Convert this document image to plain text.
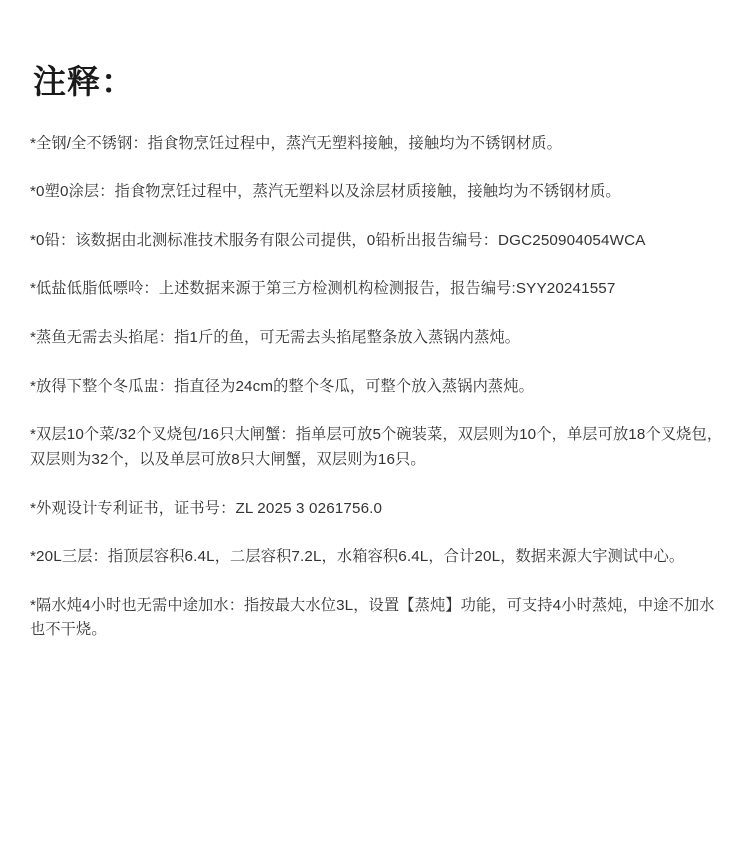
注释：

*全钢/全不锈钢：指食物烹饪过程中，蒸汽无塑料接触，接触均为不锈钢材质。

*0塑0涂层：指食物烹饪过程中，蒸汽无塑料以及涂层材质接触，接触均为不锈钢材质。

*0铅：该数据由北测标准技术服务有限公司提供，0铅析出报告编号：DGC250904054WCA

*低盐低脂低嘌呤：上述数据来源于第三方检测机构检测报告，报告编号:SYY20241557

*蒸鱼无需去头掐尾：指1斤的鱼，可无需去头掐尾整条放入蒸锅内蒸炖。

*放得下整个冬瓜盅：指直径为24cm的整个冬瓜，可整个放入蒸锅内蒸炖。

*双层10个菜/32个叉烧包/16只大闸蟹：指单层可放5个碗装菜，双层则为10个，单层可放18个叉烧包，双层则为32个，以及单层可放8只大闸蟹，双层则为16只。

*外观设计专利证书，证书号：ZL 2025 3 0261756.0

*20L三层：指顶层容积6.4L，二层容积7.2L，水箱容积6.4L，合计20L，数据来源大宇测试中心。

*隔水炖4小时也无需中途加水：指按最大水位3L，设置【蒸炖】功能，可支持4小时蒸炖，中途不加水也不干烧。
